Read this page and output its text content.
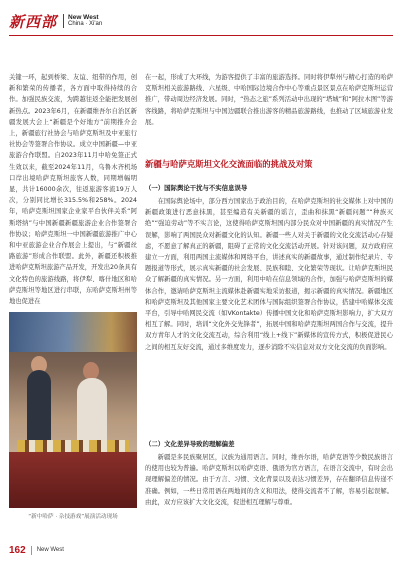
新西部 New West
China · Xi'an

关键一环，起到桥梁、友谊、纽带的作用，创新和繁荣的传播者，各方面中取得持续的合作。加强民族交流，为跨越往返全能把发展创新热点。2023年6月，在新疆维吾尔自治区新疆发展大会上“新疆是个好地方”前期推介会上，新疆旅行社协会与哈萨克斯坦及中亚旅行社协会等签署合作协议。成立中国新疆—中亚旅游合作联盟。自2023年11月中哈免签正式生效以来，截至2024年11月，乌鲁木齐机场口岸出境哈萨克斯坦旅客人数，同期增幅明显，共计16000余次，往返旅游客流19万人次，分别同比增长315.5%和258%。2024年，哈萨克斯坦国家企业家平台伙伴关系“阿斯塔纳”与中国新疆新疆旅游企业合作签署合作协议；哈萨克斯坦一中国新疆旅游推广中心和中亚旅游企业合作展会上提出，与“新疆丝路旅游”形成合作联盟。此外，新疆还积极推进哈萨克斯坦旅游产品开发，开发出20条具有文化特色的旅游线路，将伊犁、喀什地区和哈萨克斯坦等地区进行串联，东哈萨克斯坦州等地也促进在

在一起，形成了大环线，为游客提供了丰富的旅游选择。同时将伊犁州与精心打造的哈萨克斯坦相关旅游路线、六星级、中哈国际边境合作中心等重点景区景点在哈萨克斯坦运营推广，带动周边经济发展。同时，“热态之旅”系列活动中出现的“塔城”和“阿拉木图”等游客线路，将哈萨克斯坦与中国边疆联合推出游客的精品旅游路线，也推动了区域旅游业发展。

新疆与哈萨克斯坦文化交流面临的挑战及对策
（一）国际舆论干扰与不实信息误导

在国际舆论场中，部分西方国家出于政治目的，在哈萨克斯坦的社交媒体上对中国的新疆政策进行恶意抹黑，甚至编造有关新疆的谣言，歪曲和抹黑“新疆问题”“种族灭绝”“强迫劳动”等不实言论，这使得哈萨克斯坦国内部分民众对中国新疆的真实情况产生误解，影响了两国民众对新疆文化的认知。新疆一些人对关于新疆的文化交流活动心存疑虑，不愿意了解真正的新疆，阻碍了正常的文化交流活动开展。针对该问题，双方政府应建立一方面，利用两国主流媒体和网络平台，讲述真实的新疆故事，通过制作纪录片、专题报道等形式，展示真实新疆的社会发展、民族和睦、文化繁荣等现状。让哈萨克斯坦民众了解新疆的真实情况。另一方面，利用中哈在信息领域的合作，加强与哈萨克斯坦的媒体合作，邀请哈萨克斯坦主流媒体赴新疆实地采访报道，揭示新疆的真实情况。新疆地区和哈萨克斯坦及其他国家主要文化艺术团体与国际组织签署合作协议，搭建中哈媒体交流平台，引导中哈网民交流（如VKontakte）传播中国文化和哈萨克斯坦影响力，扩大双方相互了解。同时，培训“文化外交先锋者”，拓展中国和哈萨克斯坦两国合作与交流，提升双方青年人才的文化交流互动，综合利用“线上+线下”新媒体的宣传方式，积极促进民心之间的相互友好交流，通过多维度发力，逐步消除不实信息对双方文化交流的负面影响。

（二）文化差异导致的理解偏差

新疆是多民族聚居区，汉族为通用语言。同时，维吾尔语，哈萨克语等少数民族语言的使用也较为普遍。哈萨克斯坦以哈萨克语、俄语为官方语言，在语言交流中，有时会出现理解偏差的情况。由于方言、习惯、文化背景以及表达习惯差异，存在翻译信息传递不准确。例如，一些日常用语在两地间的含义和用法，使得交流者不了解，容易引起误解。由此，双方应该扩大文化交流，促进相互理解与尊重。

“新中哈萨 · 杂技游戏”展演活动现场
162 New West
